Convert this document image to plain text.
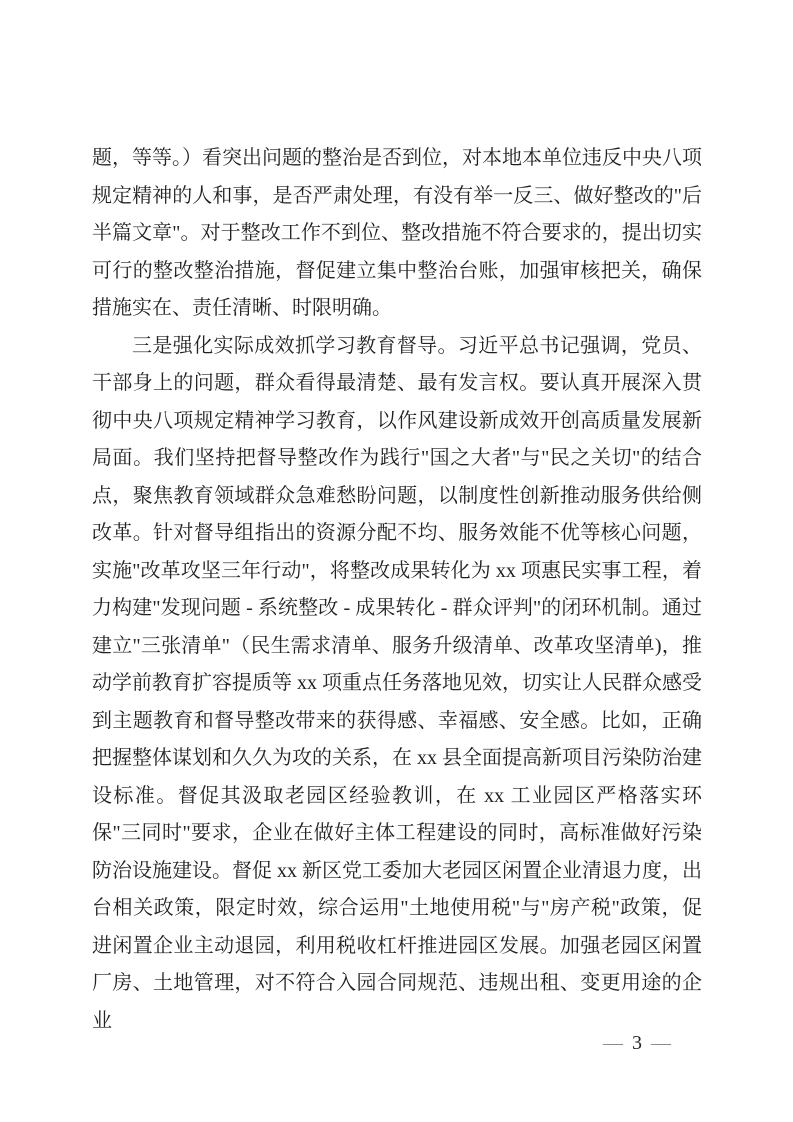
题，等等。）看突出问题的整治是否到位，对本地本单位违反中央八项规定精神的人和事，是否严肃处理，有没有举一反三、做好整改的"后半篇文章"。对于整改工作不到位、整改措施不符合要求的，提出切实可行的整改整治措施，督促建立集中整治台账，加强审核把关，确保措施实在、责任清晰、时限明确。

三是强化实际成效抓学习教育督导。习近平总书记强调，党员、干部身上的问题，群众看得最清楚、最有发言权。要认真开展深入贯彻中央八项规定精神学习教育，以作风建设新成效开创高质量发展新局面。我们坚持把督导整改作为践行"国之大者"与"民之关切"的结合点，聚焦教育领域群众急难愁盼问题，以制度性创新推动服务供给侧改革。针对督导组指出的资源分配不均、服务效能不优等核心问题，实施"改革攻坚三年行动"，将整改成果转化为 xx 项惠民实事工程，着力构建"发现问题 - 系统整改 - 成果转化 - 群众评判"的闭环机制。通过建立"三张清单"（民生需求清单、服务升级清单、改革攻坚清单)，推动学前教育扩容提质等 xx 项重点任务落地见效，切实让人民群众感受到主题教育和督导整改带来的获得感、幸福感、安全感。比如，正确把握整体谋划和久久为攻的关系，在 xx 县全面提高新项目污染防治建设标准。督促其汲取老园区经验教训，在 xx 工业园区严格落实环保"三同时"要求，企业在做好主体工程建设的同时，高标准做好污染防治设施建设。督促 xx 新区党工委加大老园区闲置企业清退力度，出台相关政策，限定时效，综合运用"土地使用税"与"房产税"政策，促进闲置企业主动退园，利用税收杠杆推进园区发展。加强老园区闲置厂房、土地管理，对不符合入园合同规范、违规出租、变更用途的企业

— 3 —
